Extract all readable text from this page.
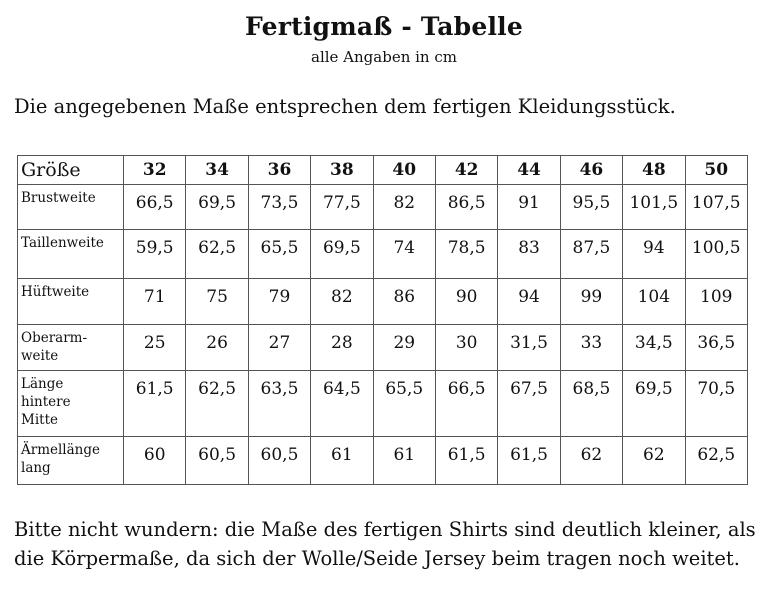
Fertigmaß - Tabelle
alle Angaben in cm
Die angegebenen Maße entsprechen dem fertigen Kleidungsstück.
Größe	32	34	36	38	40	42	44	46	48	50
Brustweite	66,5	69,5	73,5	77,5	82	86,5	91	95,5	101,5	107,5
Taillenweite	59,5	62,5	65,5	69,5	74	78,5	83	87,5	94	100,5
Hüftweite	71	75	79	82	86	90	94	99	104	109
Oberarm-
weite	25	26	27	28	29	30	31,5	33	34,5	36,5
Länge
hintere
Mitte	61,5	62,5	63,5	64,5	65,5	66,5	67,5	68,5	69,5	70,5
Ärmellänge
lang	60	60,5	60,5	61	61	61,5	61,5	62	62	62,5
Bitte nicht wundern: die Maße des fertigen Shirts sind deutlich kleiner, als die Körpermaße, da sich der Wolle/Seide Jersey beim tragen noch weitet.
